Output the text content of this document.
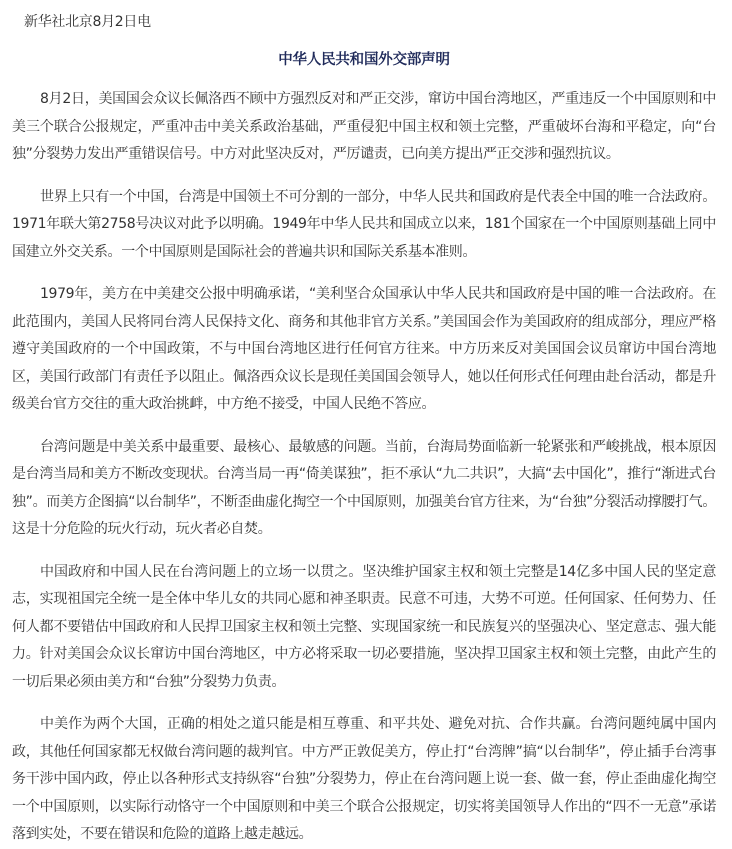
新华社北京8月2日电
中华人民共和国外交部声明

8月2日，美国国会众议长佩洛西不顾中方强烈反对和严正交涉，窜访中国台湾地区，严重违反一个中国原则和中美三个联合公报规定，严重冲击中美关系政治基础，严重侵犯中国主权和领土完整，严重破坏台海和平稳定，向“台独”分裂势力发出严重错误信号。中方对此坚决反对，严厉谴责，已向美方提出严正交涉和强烈抗议。

世界上只有一个中国，台湾是中国领土不可分割的一部分，中华人民共和国政府是代表全中国的唯一合法政府。1971年联大第2758号决议对此予以明确。1949年中华人民共和国成立以来，181个国家在一个中国原则基础上同中国建立外交关系。一个中国原则是国际社会的普遍共识和国际关系基本准则。

1979年，美方在中美建交公报中明确承诺，“美利坚合众国承认中华人民共和国政府是中国的唯一合法政府。在此范围内，美国人民将同台湾人民保持文化、商务和其他非官方关系。”美国国会作为美国政府的组成部分，理应严格遵守美国政府的一个中国政策，不与中国台湾地区进行任何官方往来。中方历来反对美国国会议员窜访中国台湾地区，美国行政部门有责任予以阻止。佩洛西众议长是现任美国国会领导人，她以任何形式任何理由赴台活动，都是升级美台官方交往的重大政治挑衅，中方绝不接受，中国人民绝不答应。

台湾问题是中美关系中最重要、最核心、最敏感的问题。当前，台海局势面临新一轮紧张和严峻挑战，根本原因是台湾当局和美方不断改变现状。台湾当局一再“倚美谋独”，拒不承认“九二共识”，大搞“去中国化”，推行“渐进式台独”。而美方企图搞“以台制华”，不断歪曲虚化掏空一个中国原则，加强美台官方往来，为“台独”分裂活动撑腰打气。这是十分危险的玩火行动，玩火者必自焚。

中国政府和中国人民在台湾问题上的立场一以贯之。坚决维护国家主权和领土完整是14亿多中国人民的坚定意志，实现祖国完全统一是全体中华儿女的共同心愿和神圣职责。民意不可违，大势不可逆。任何国家、任何势力、任何人都不要错估中国政府和人民捍卫国家主权和领土完整、实现国家统一和民族复兴的坚强决心、坚定意志、强大能力。针对美国会众议长窜访中国台湾地区，中方必将采取一切必要措施，坚决捍卫国家主权和领土完整，由此产生的一切后果必须由美方和“台独”分裂势力负责。

中美作为两个大国，正确的相处之道只能是相互尊重、和平共处、避免对抗、合作共赢。台湾问题纯属中国内政，其他任何国家都无权做台湾问题的裁判官。中方严正敦促美方，停止打“台湾牌”搞“以台制华”，停止插手台湾事务干涉中国内政，停止以各种形式支持纵容“台独”分裂势力，停止在台湾问题上说一套、做一套，停止歪曲虚化掏空一个中国原则，以实际行动恪守一个中国原则和中美三个联合公报规定，切实将美国领导人作出的“四不一无意”承诺落到实处，不要在错误和危险的道路上越走越远。
